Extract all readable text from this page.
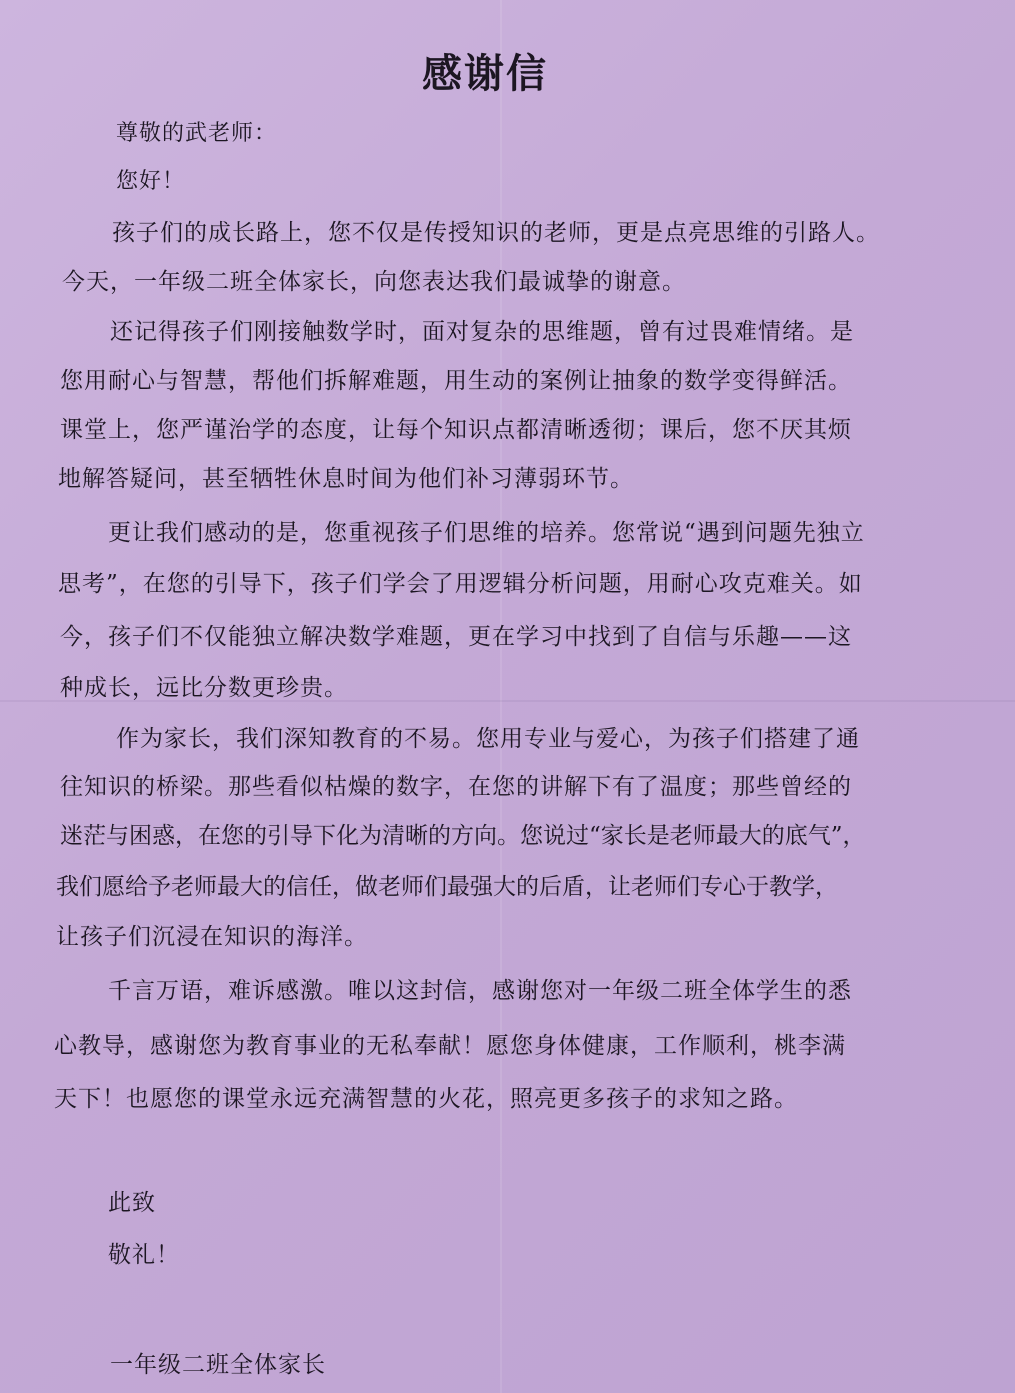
感谢信
尊敬的武老师：
您好！
孩子们的成长路上，您不仅是传授知识的老师，更是点亮思维的引路人。
今天，一年级二班全体家长，向您表达我们最诚挚的谢意。
还记得孩子们刚接触数学时，面对复杂的思维题，曾有过畏难情绪。是
您用耐心与智慧，帮他们拆解难题，用生动的案例让抽象的数学变得鲜活。
课堂上，您严谨治学的态度，让每个知识点都清晰透彻；课后，您不厌其烦
地解答疑问，甚至牺牲休息时间为他们补习薄弱环节。
更让我们感动的是，您重视孩子们思维的培养。您常说“遇到问题先独立
思考”，在您的引导下，孩子们学会了用逻辑分析问题，用耐心攻克难关。如
今，孩子们不仅能独立解决数学难题，更在学习中找到了自信与乐趣——这
种成长，远比分数更珍贵。
作为家长，我们深知教育的不易。您用专业与爱心，为孩子们搭建了通
往知识的桥梁。那些看似枯燥的数字，在您的讲解下有了温度；那些曾经的
迷茫与困惑，在您的引导下化为清晰的方向。您说过“家长是老师最大的底气”，
我们愿给予老师最大的信任，做老师们最强大的后盾，让老师们专心于教学，
让孩子们沉浸在知识的海洋。
千言万语，难诉感激。唯以这封信，感谢您对一年级二班全体学生的悉
心教导，感谢您为教育事业的无私奉献！愿您身体健康，工作顺利，桃李满
天下！也愿您的课堂永远充满智慧的火花，照亮更多孩子的求知之路。
此致
敬礼！
一年级二班全体家长
